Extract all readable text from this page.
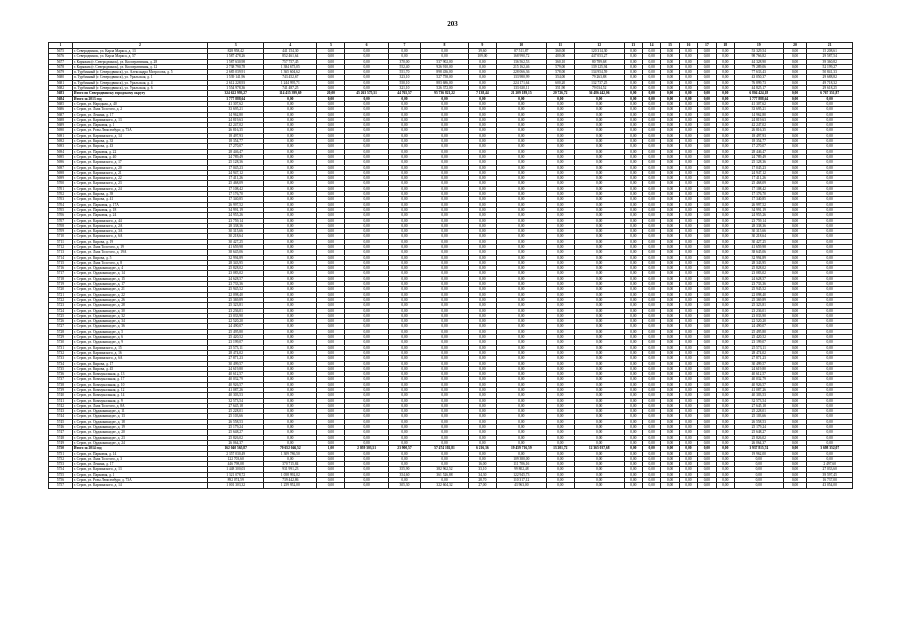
203
1	2	3	4	5	6	7	8	9	10	11	12	13	14	15	16	17	18	19	20	21
5675	г. Северодвинск, ул. Карла Маркса, д. 13	828 958,42	441 154,30	0,00	0,00	0,00	0,00	39,60	87 511,87	360,00	120 314,30	0,00	0,00	0,00	0,00	0,00	0,00	53 329,54	0,00	15 208,61
5676	г. Северодвинск, ул. Карла Маркса, д. 57	1 587 478,26	852 461,64	0,00	0,00	0,00	0,00	109,00	168 990,72	400,00	447 053,27	0,00	0,00	0,00	0,00	0,00	0,00	98 766,82	0,00	29 587,54
5677	г. Коряжма (г. Северодвинск), ул. Кооперативная, д. 28	1 587 630,98	757 757,45	0,00	0,00	370,00	537 902,00	0,00	136 562,53	360,10	80 789,68	0,00	0,00	0,00	0,00	0,00	0,00	44 328,90	0,00	39 360,82
5678	г. Коряжма (г. Северодвинск), ул. Кооперативная, д. 12	2 738 790,78	1 384 675,05	0,00	0,00	552,40	926 910,00	0,00	215 162,46	579,00	139 125,94	0,00	0,00	0,00	0,00	0,00	0,00	79 289,06	0,00	52 199,27
5679	п. Турбинный (г. Северодвинск), ул. Александра Матросова, д. 5	2 685 039,91	1 365 604,62	0,00	0,00	551,70	898 436,00	0,00	228 066,36	578,00	134 954,59	0,00	0,00	0,00	0,00	0,00	0,00	77 633,43	0,00	50 841,33
5680	п. Турбинный (г. Северодвинск), ул. Уральская, д. 1	1 539 141,96	743 452,67	0,00	0,00	323,10	527 758,00	0,00	133 980,99	354,00	79 263,88	0,00	0,00	0,00	0,00	0,00	0,00	43 050,37	0,00	29 688,82
5681	п. Турбинный (г. Северодвинск), ул. Уральская, д. 4	2 612 228,93	1 244 995,71	0,00	0,00	550,10	883 686,00	0,00	224 171,64	600,20	132 737,25	0,00	0,00	0,00	0,00	0,00	0,00	76 899,73	0,00	49 718,32
5682	п. Турбинный (г. Северодвинск), ул. Уральская, д. 6	1 554 978,36	741 487,25	0,00	0,00	321,10	526 372,00	0,00	133 630,11	351,90	79 034,52	0,00	0,00	0,00	0,00	0,00	0,00	44 825,17	0,00	29 618,25
5683	Итого по Северодвинску городскому округу	324 622 993,27	114 415 399,69	20,00	45 263 575,51	44 765,57	95 736 821,22	7 138,44	21 209 189,15	20 726,72	36 486 442,06	0,00	0,00	0,00	0,00	0,00	0,00	6 804 424,18	0,00	6 767 351,87
5684	Итого за 2013 год	1 777 888,64	0,00	0,00	0,00	0,00	0,00	0,00	0,00	0,00	0,00	0,00	0,00	0,00	0,00	0,00	0,00	1 777 888,64	0,00	0,00
5685	г. Серов, ул. Народная, д. 40	41 307,62	0,00	0,00	0,00	0,00	0,00	0,00	0,00	0,00	0,00	0,00	0,00	0,00	0,00	0,00	0,00	41 307,62	0,00	0,00
5686	г. Серов, ул. Льва Толстого, д. 2	33 695,21	0,00	0,00	0,00	0,00	0,00	0,00	0,00	0,00	0,00	0,00	0,00	0,00	0,00	0,00	0,00	33 695,21	0,00	0,00
5687	г. Серов, ул. Ленина, д. 17	14 962,80	0,00	0,00	0,00	0,00	0,00	0,00	0,00	0,00	0,00	0,00	0,00	0,00	0,00	0,00	0,00	14 962,80	0,00	0,00
5688	г. Серов, ул. Карпинского, д. 13	24 819,63	0,00	0,00	0,00	0,00	0,00	0,00	0,00	0,00	0,00	0,00	0,00	0,00	0,00	0,00	0,00	24 819,63	0,00	0,00
5689	г. Серов, ул. Парковая, д. 1	42 247,02	0,00	0,00	0,00	0,00	0,00	0,00	0,00	0,00	0,00	0,00	0,00	0,00	0,00	0,00	0,00	42 247,02	0,00	0,00
5690	г. Серов, ул. Розы Люксембург, д. 73А	26 816,35	0,00	0,00	0,00	0,00	0,00	0,00	0,00	0,00	0,00	0,00	0,00	0,00	0,00	0,00	0,00	26 816,35	0,00	0,00
5691	г. Серов, ул. Карпинского, д. 14	18 497,93	0,00	0,00	0,00	0,00	0,00	0,00	0,00	0,00	0,00	0,00	0,00	0,00	0,00	0,00	0,00	18 497,93	0,00	0,00
5692	г. Серов, ул. Кирова, д. 33	18 354,77	0,00	0,00	0,00	0,00	0,00	0,00	0,00	0,00	0,00	0,00	0,00	0,00	0,00	0,00	0,00	18 354,77	0,00	0,00
5693	г. Серов, ул. Кирова, д. 43	17 270,07	0,00	0,00	0,00	0,00	0,00	0,00	0,00	0,00	0,00	0,00	0,00	0,00	0,00	0,00	0,00	17 270,07	0,00	0,00
5694	г. Серов, ул. Парковая, д. 22	28 446,47	0,00	0,00	0,00	0,00	0,00	0,00	0,00	0,00	0,00	0,00	0,00	0,00	0,00	0,00	0,00	28 446,47	0,00	0,00
5695	г. Серов, ул. Парковая, д. 40	24 789,49	0,00	0,00	0,00	0,00	0,00	0,00	0,00	0,00	0,00	0,00	0,00	0,00	0,00	0,00	0,00	24 789,49	0,00	0,00
5696	г. Серов, ул. Карпинского, д. 17	25 128,36	0,00	0,00	0,00	0,00	0,00	0,00	0,00	0,00	0,00	0,00	0,00	0,00	0,00	0,00	0,00	25 128,36	0,00	0,00
5697	г. Серов, ул. Карпинского, д. 20	17 045,23	0,00	0,00	0,00	0,00	0,00	0,00	0,00	0,00	0,00	0,00	0,00	0,00	0,00	0,00	0,00	17 045,23	0,00	0,00
5698	г. Серов, ул. Карпинского, д. 21	24 947,12	0,00	0,00	0,00	0,00	0,00	0,00	0,00	0,00	0,00	0,00	0,00	0,00	0,00	0,00	0,00	24 947,12	0,00	0,00
5699	г. Серов, ул. Карпинского, д. 22	17 411,26	0,00	0,00	0,00	0,00	0,00	0,00	0,00	0,00	0,00	0,00	0,00	0,00	0,00	0,00	0,00	17 411,26	0,00	0,00
5700	г. Серов, ул. Карпинского, д. 23	25 468,09	0,00	0,00	0,00	0,00	0,00	0,00	0,00	0,00	0,00	0,00	0,00	0,00	0,00	0,00	0,00	25 468,09	0,00	0,00
5701	г. Серов, ул. Карпинского, д. 24	17 108,42	0,00	0,00	0,00	0,00	0,00	0,00	0,00	0,00	0,00	0,00	0,00	0,00	0,00	0,00	0,00	17 108,42	0,00	0,00
5702	г. Серов, ул. Кирова, д. 39	17 176,70	0,00	0,00	0,00	0,00	0,00	0,00	0,00	0,00	0,00	0,00	0,00	0,00	0,00	0,00	0,00	17 176,70	0,00	0,00
5703	г. Серов, ул. Кирова, д. 41	17 340,85	0,00	0,00	0,00	0,00	0,00	0,00	0,00	0,00	0,00	0,00	0,00	0,00	0,00	0,00	0,00	17 340,85	0,00	0,00
5704	г. Серов, ул. Парковая, д. 17А	26 997,52	0,00	0,00	0,00	0,00	0,00	0,00	0,00	0,00	0,00	0,00	0,00	0,00	0,00	0,00	0,00	26 997,52	0,00	0,00
5705	г. Серов, ул. Парковая, д. 18	34 991,19	0,00	0,00	0,00	0,00	0,00	0,00	0,00	0,00	0,00	0,00	0,00	0,00	0,00	0,00	0,00	34 991,19	0,00	0,00
5706	г. Серов, ул. Парковая, д. 24	24 955,26	0,00	0,00	0,00	0,00	0,00	0,00	0,00	0,00	0,00	0,00	0,00	0,00	0,00	0,00	0,00	24 955,26	0,00	0,00
5707	г. Серов, ул. Карпинского, д. 44	23 759,14	0,00	0,00	0,00	0,00	0,00	0,00	0,00	0,00	0,00	0,00	0,00	0,00	0,00	0,00	0,00	23 759,14	0,00	0,00
5708	г. Серов, ул. Карпинского, д. 2А	28 338,36	0,00	0,00	0,00	0,00	0,00	0,00	0,00	0,00	0,00	0,00	0,00	0,00	0,00	0,00	0,00	28 338,36	0,00	0,00
5709	г. Серов, ул. Карпинского, д. 3А	30 315,66	0,00	0,00	0,00	0,00	0,00	0,00	0,00	0,00	0,00	0,00	0,00	0,00	0,00	0,00	0,00	30 315,66	0,00	0,00
5710	г. Серов, ул. Карпинского, д. 6А	30 218,64	0,00	0,00	0,00	0,00	0,00	0,00	0,00	0,00	0,00	0,00	0,00	0,00	0,00	0,00	0,00	30 218,64	0,00	0,00
5711	г. Серов, ул. Кирова, д. 19	30 427,25	0,00	0,00	0,00	0,00	0,00	0,00	0,00	0,00	0,00	0,00	0,00	0,00	0,00	0,00	0,00	30 427,25	0,00	0,00
5712	г. Серов, ул. Льва Толстого, д. 19	41 659,98	0,00	0,00	0,00	0,00	0,00	0,00	0,00	0,00	0,00	0,00	0,00	0,00	0,00	0,00	0,00	41 659,98	0,00	0,00
5713	г. Серов, ул. Льва Толстого, д. 19А	38 645,06	0,00	0,00	0,00	0,00	0,00	0,00	0,00	0,00	0,00	0,00	0,00	0,00	0,00	0,00	0,00	38 645,06	0,00	0,00
5714	г. Серов, ул. Кирова, д. 5	32 994,89	0,00	0,00	0,00	0,00	0,00	0,00	0,00	0,00	0,00	0,00	0,00	0,00	0,00	0,00	0,00	32 994,89	0,00	0,00
5715	г. Серов, ул. Льва Толстого, д. 8	28 343,95	0,00	0,00	0,00	0,00	0,00	0,00	0,00	0,00	0,00	0,00	0,00	0,00	0,00	0,00	0,00	28 343,95	0,00	0,00
5716	г. Серов, ул. Орджоникидзе, д. 4	25 828,02	0,00	0,00	0,00	0,00	0,00	0,00	0,00	0,00	0,00	0,00	0,00	0,00	0,00	0,00	0,00	25 828,02	0,00	0,00
5717	г. Серов, ул. Орджоникидзе, д. 14	23 083,02	0,00	0,00	0,00	0,00	0,00	0,00	0,00	0,00	0,00	0,00	0,00	0,00	0,00	0,00	0,00	23 083,02	0,00	0,00
5718	г. Серов, ул. Орджоникидзе, д. 15	24 628,57	0,00	0,00	0,00	0,00	0,00	0,00	0,00	0,00	0,00	0,00	0,00	0,00	0,00	0,00	0,00	24 628,57	0,00	0,00
5719	г. Серов, ул. Орджоникидзе, д. 17	23 733,36	0,00	0,00	0,00	0,00	0,00	0,00	0,00	0,00	0,00	0,00	0,00	0,00	0,00	0,00	0,00	23 733,36	0,00	0,00
5720	г. Серов, ул. Орджоникидзе, д. 21	25 945,52	0,00	0,00	0,00	0,00	0,00	0,00	0,00	0,00	0,00	0,00	0,00	0,00	0,00	0,00	0,00	25 945,52	0,00	0,00
5721	г. Серов, ул. Орджоникидзе, д. 22	22 098,40	0,00	0,00	0,00	0,00	0,00	0,00	0,00	0,00	0,00	0,00	0,00	0,00	0,00	0,00	0,00	22 098,40	0,00	0,00
5722	г. Серов, ул. Орджоникидзе, д. 26	25 369,89	0,00	0,00	0,00	0,00	0,00	0,00	0,00	0,00	0,00	0,00	0,00	0,00	0,00	0,00	0,00	25 369,89	0,00	0,00
5723	г. Серов, ул. Орджоникидзе, д. 28	25 323,81	0,00	0,00	0,00	0,00	0,00	0,00	0,00	0,00	0,00	0,00	0,00	0,00	0,00	0,00	0,00	25 323,81	0,00	0,00
5724	г. Серов, ул. Орджоникидзе, д. 30	23 236,01	0,00	0,00	0,00	0,00	0,00	0,00	0,00	0,00	0,00	0,00	0,00	0,00	0,00	0,00	0,00	23 236,01	0,00	0,00
5725	г. Серов, ул. Орджоникидзе, д. 32	23 033,90	0,00	0,00	0,00	0,00	0,00	0,00	0,00	0,00	0,00	0,00	0,00	0,00	0,00	0,00	0,00	23 033,90	0,00	0,00
5726	г. Серов, ул. Орджоникидзе, д. 34	22 520,20	0,00	0,00	0,00	0,00	0,00	0,00	0,00	0,00	0,00	0,00	0,00	0,00	0,00	0,00	0,00	22 520,20	0,00	0,00
5727	г. Серов, ул. Орджоникидзе, д. 36	24 490,07	0,00	0,00	0,00	0,00	0,00	0,00	0,00	0,00	0,00	0,00	0,00	0,00	0,00	0,00	0,00	24 490,07	0,00	0,00
5728	г. Серов, ул. Орджоникидзе, д. 5	25 495,80	0,00	0,00	0,00	0,00	0,00	0,00	0,00	0,00	0,00	0,00	0,00	0,00	0,00	0,00	0,00	25 495,80	0,00	0,00
5729	г. Серов, ул. Орджоникидзе, д. 6	25 420,52	0,00	0,00	0,00	0,00	0,00	0,00	0,00	0,00	0,00	0,00	0,00	0,00	0,00	0,00	0,00	25 420,52	0,00	0,00
5730	г. Серов, ул. Орджоникидзе, д. 9	23 199,07	0,00	0,00	0,00	0,00	0,00	0,00	0,00	0,00	0,00	0,00	0,00	0,00	0,00	0,00	0,00	23 199,07	0,00	0,00
5731	г. Серов, ул. Карпинского, д. 15	25 573,11	0,00	0,00	0,00	0,00	0,00	0,00	0,00	0,00	0,00	0,00	0,00	0,00	0,00	0,00	0,00	25 573,11	0,00	0,00
5732	г. Серов, ул. Карпинского, д. 16	28 474,02	0,00	0,00	0,00	0,00	0,00	0,00	0,00	0,00	0,00	0,00	0,00	0,00	0,00	0,00	0,00	28 474,02	0,00	0,00
5733	г. Серов, ул. Карпинского, д. 6А	27 871,23	0,00	0,00	0,00	0,00	0,00	0,00	0,00	0,00	0,00	0,00	0,00	0,00	0,00	0,00	0,00	27 871,23	0,00	0,00
5734	г. Серов, ул. Кирова, д. 17	30 499,57	0,00	0,00	0,00	0,00	0,00	0,00	0,00	0,00	0,00	0,00	0,00	0,00	0,00	0,00	0,00	30 499,57	0,00	0,00
5735	г. Серов, ул. Кирова, д. 45	24 619,80	0,00	0,00	0,00	0,00	0,00	0,00	0,00	0,00	0,00	0,00	0,00	0,00	0,00	0,00	0,00	24 619,80	0,00	0,00
5736	г. Серов, ул. Коммунальная, д. 13	40 612,57	0,00	0,00	0,00	0,00	0,00	0,00	0,00	0,00	0,00	0,00	0,00	0,00	0,00	0,00	0,00	40 612,57	0,00	0,00
5737	г. Серов, ул. Коммунальная, д. 17	40 032,79	0,00	0,00	0,00	0,00	0,00	0,00	0,00	0,00	0,00	0,00	0,00	0,00	0,00	0,00	0,00	40 032,79	0,00	0,00
5738	г. Серов, ул. Коммунальная, д. 10	40 926,57	0,00	0,00	0,00	0,00	0,00	0,00	0,00	0,00	0,00	0,00	0,00	0,00	0,00	0,00	0,00	40 926,57	0,00	0,00
5739	г. Серов, ул. Коммунальная, д. 12	41 087,26	0,00	0,00	0,00	0,00	0,00	0,00	0,00	0,00	0,00	0,00	0,00	0,00	0,00	0,00	0,00	41 087,26	0,00	0,00
5740	г. Серов, ул. Коммунальная, д. 14	40 303,53	0,00	0,00	0,00	0,00	0,00	0,00	0,00	0,00	0,00	0,00	0,00	0,00	0,00	0,00	0,00	40 303,53	0,00	0,00
5741	г. Серов, ул. Коммунальная, д. 9	32 573,54	0,00	0,00	0,00	0,00	0,00	0,00	0,00	0,00	0,00	0,00	0,00	0,00	0,00	0,00	0,00	32 573,54	0,00	0,00
5742	г. Серов, ул. Льва Толстого, д. 8А	27 645,18	0,00	0,00	0,00	0,00	0,00	0,00	0,00	0,00	0,00	0,00	0,00	0,00	0,00	0,00	0,00	27 645,18	0,00	0,00
5743	г. Серов, ул. Орджоникидзе, д. 11	25 228,01	0,00	0,00	0,00	0,00	0,00	0,00	0,00	0,00	0,00	0,00	0,00	0,00	0,00	0,00	0,00	25 228,01	0,00	0,00
5744	г. Серов, ул. Орджоникидзе, д. 13	25 103,66	0,00	0,00	0,00	0,00	0,00	0,00	0,00	0,00	0,00	0,00	0,00	0,00	0,00	0,00	0,00	25 103,66	0,00	0,00
5745	г. Серов, ул. Орджоникидзе, д. 18	26 558,53	0,00	0,00	0,00	0,00	0,00	0,00	0,00	0,00	0,00	0,00	0,00	0,00	0,00	0,00	0,00	26 558,53	0,00	0,00
5746	г. Серов, ул. Орджоникидзе, д. 19	25 179,24	0,00	0,00	0,00	0,00	0,00	0,00	0,00	0,00	0,00	0,00	0,00	0,00	0,00	0,00	0,00	25 179,24	0,00	0,00
5747	г. Серов, ул. Орджоникидзе, д. 20	25 648,27	0,00	0,00	0,00	0,00	0,00	0,00	0,00	0,00	0,00	0,00	0,00	0,00	0,00	0,00	0,00	25 648,27	0,00	0,00
5748	г. Серов, ул. Орджоникидзе, д. 23	25 826,02	0,00	0,00	0,00	0,00	0,00	0,00	0,00	0,00	0,00	0,00	0,00	0,00	0,00	0,00	0,00	25 826,02	0,00	0,00
5749	г. Серов, ул. Орджоникидзе, д. 24	26 064,37	0,00	0,00	0,00	0,00	0,00	0,00	0,00	0,00	0,00	0,00	0,00	0,00	0,00	0,00	0,00	26 064,37	0,00	0,00
5750	Итого за 2014 год	162 040 565,87	70 652 046,52	1,00	2 059 303,51	23 900,57	57 474 102,81	6 216,36	19 459 716,59	13 201,72	12 365 037,68	0,00	0,00	0,00	0,00	0,00	0,00	3 937 815,74	0,00	3 698 352,07
5751	г. Серов, ул. Парковая, д. 14	2 357 030,49	1 309 786,50	0,00	0,00	0,00	0,00	0,00	0,00	0,00	0,00	0,00	0,00	0,00	0,00	0,00	0,00	19 962,00	0,00	0,00
5752	г. Серов, ул. Льва Толстого, д. 3	122 703,60	0,00	0,00	0,00	0,00	0,00	0,00	109 380,00	0,00	0,00	0,00	0,00	0,00	0,00	0,00	0,00	0,00	0,00	0,00
5753	г. Серов, ул. Ленина, д. 17	446 798,08	370 715,84	0,00	0,00	0,00	0,00	16,00	111 786,16	0,00	0,00	0,00	0,00	0,00	0,00	0,00	0,00	0,00	0,00	2 497,60
5754	г. Серов, ул. Карпинского, д. 13	1 448 300,03	931 991,23	0,00	0,00	355,90	382 962,52	33,10	99 802,48	0,00	0,00	0,00	0,00	0,00	0,00	0,00	0,00	0,00	0,00	27 033,60
5755	г. Серов, ул. Парковая, д. 1	1 321 078,72	1 058 992,02	0,00	0,00	354,60	361 526,88	34,30	122 945,73	0,00	0,00	0,00	0,00	0,00	0,00	0,00	0,00	0,00	0,00	39 597,45
5756	г. Серов, ул. Розы Люксембург, д. 73А	892 074,59	739 442,86	0,00	0,00	0,00	0,00	28,70	110 317,12	0,00	0,00	0,00	0,00	0,00	0,00	0,00	0,00	0,00	0,00	16 737,00
5757	г. Серов, ул. Карпинского, д. 14	1 001 303,32	1 259 952,00	0,00	0,00	305,30	322 604,32	27,00	43 963,00	0,00	0,00	0,00	0,00	0,00	0,00	0,00	0,00	0,00	0,00	43 054,00
